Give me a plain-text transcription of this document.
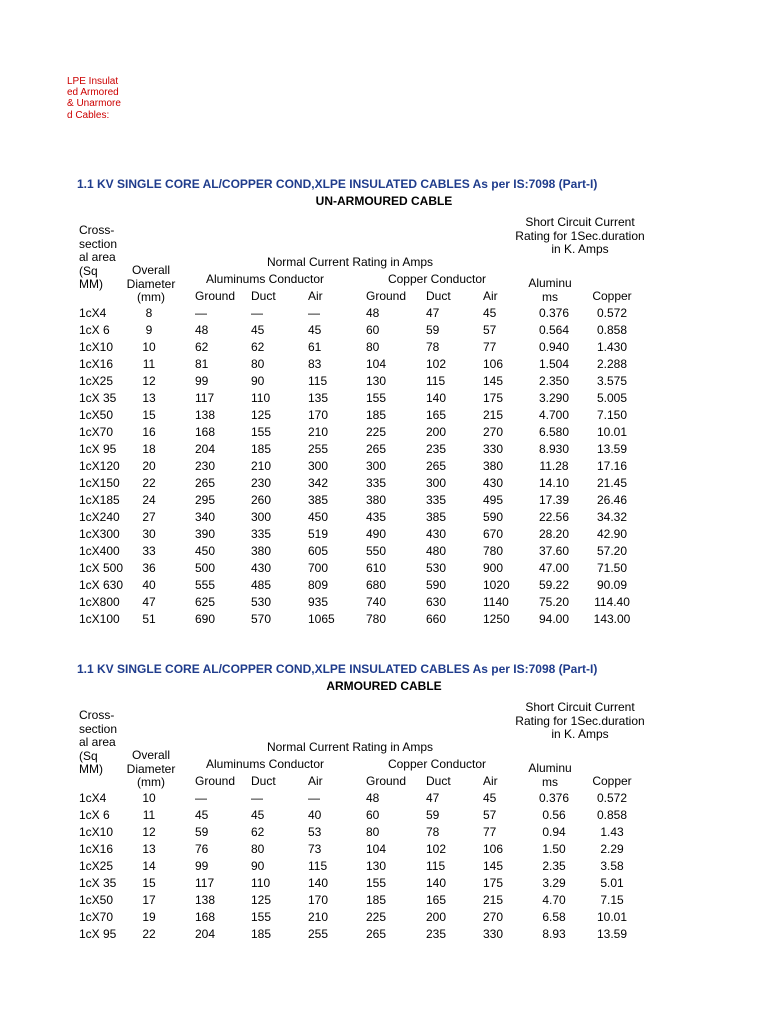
LPE Insulated Armored & Unarmored Cables:
1.1 KV SINGLE CORE AL/COPPER COND,XLPE INSULATED CABLES As per IS:7098 (Part-I)
UN-ARMOURED CABLE
Cross-section al area (Sq MM)
Overall Diameter (mm)
Normal Current Rating in Amps
Aluminums Conductor	Copper Conductor
Ground Duct	Air	Ground Duct	Air
Short Circuit Current Rating for 1Sec.duration in K. Amps
Aluminu ms	Copper
1cX4	8	—	—	—	48	47	45	0.376	0.572
1cX 6	9	48	45	45	60	59	57	0.564	0.858
1cX10	10	62	62	61	80	78	77	0.940	1.430
1cX16	11	81	80	83	104	102	106	1.504	2.288
1cX25	12	99	90	115	130	115	145	2.350	3.575
1cX 35	13	117	110	135	155	140	175	3.290	5.005
1cX50	15	138	125	170	185	165	215	4.700	7.150
1cX70	16	168	155	210	225	200	270	6.580	10.01
1cX 95	18	204	185	255	265	235	330	8.930	13.59
1cX120	20	230	210	300	300	265	380	11.28	17.16
1cX150	22	265	230	342	335	300	430	14.10	21.45
1cX185	24	295	260	385	380	335	495	17.39	26.46
1cX240	27	340	300	450	435	385	590	22.56	34.32
1cX300	30	390	335	519	490	430	670	28.20	42.90
1cX400	33	450	380	605	550	480	780	37.60	57.20
1cX 500	36	500	430	700	610	530	900	47.00	71.50
1cX 630	40	555	485	809	680	590	1020	59.22	90.09
1cX800	47	625	530	935	740	630	1140	75.20	114.40
1cX100	51	690	570	1065	780	660	1250	94.00	143.00
1.1 KV SINGLE CORE AL/COPPER COND,XLPE INSULATED CABLES As per IS:7098 (Part-I)
ARMOURED CABLE
Cross-section al area (Sq MM)
Overall Diameter (mm)
Normal Current Rating in Amps
Aluminums Conductor	Copper Conductor
Ground Duct	Air	Ground Duct	Air
Short Circuit Current Rating for 1Sec.duration in K. Amps
Aluminu ms	Copper
1cX4	10	—	—	—	48	47	45	0.376	0.572
1cX 6	11	45	45	40	60	59	57	0.56	0.858
1cX10	12	59	62	53	80	78	77	0.94	1.43
1cX16	13	76	80	73	104	102	106	1.50	2.29
1cX25	14	99	90	115	130	115	145	2.35	3.58
1cX 35	15	117	110	140	155	140	175	3.29	5.01
1cX50	17	138	125	170	185	165	215	4.70	7.15
1cX70	19	168	155	210	225	200	270	6.58	10.01
1cX 95	22	204	185	255	265	235	330	8.93	13.59
